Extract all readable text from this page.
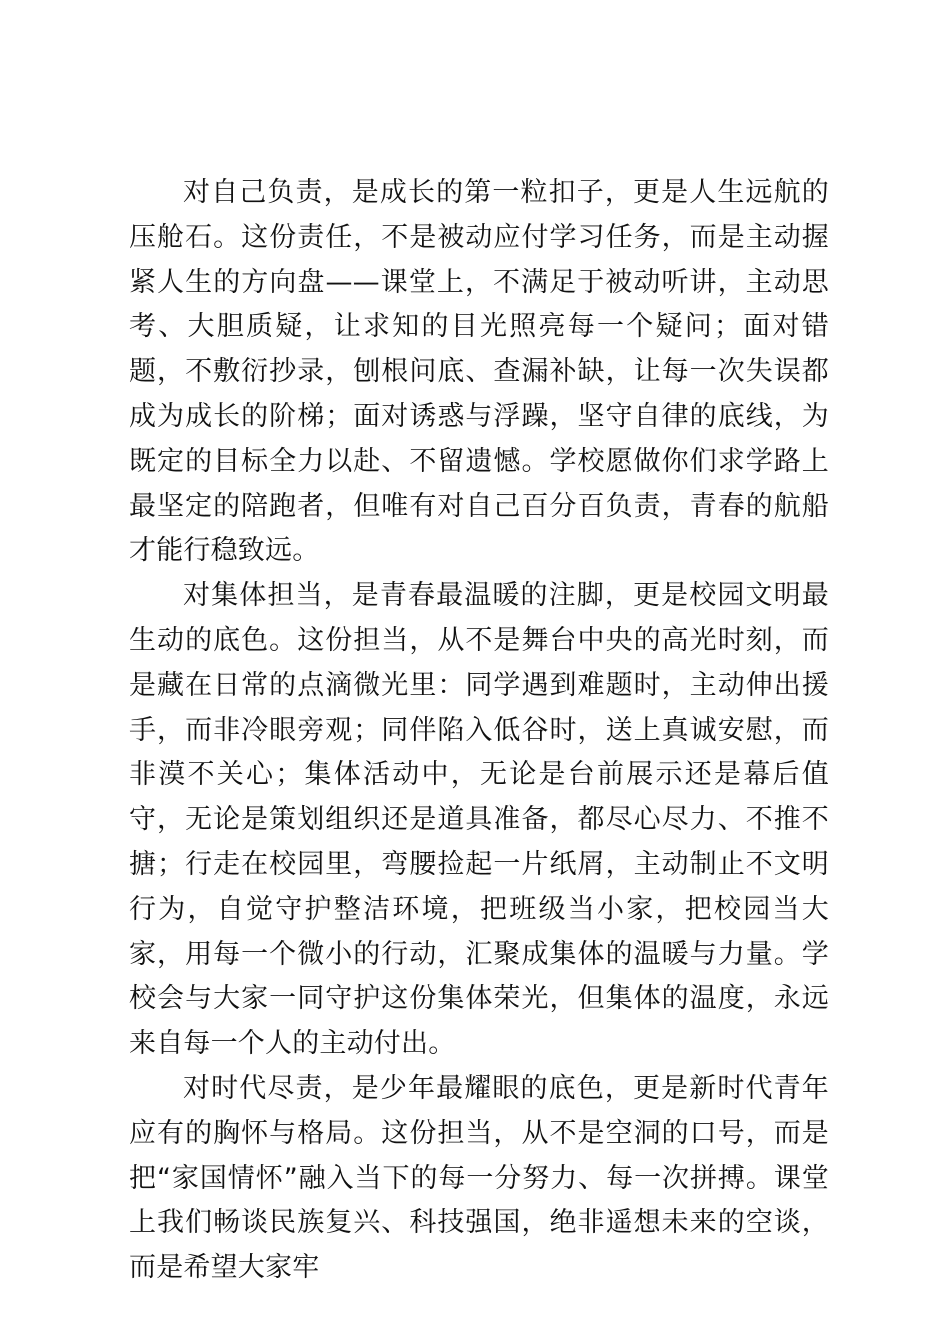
对自己负责，是成长的第一粒扣子，更是人生远航的压舱石。这份责任，不是被动应付学习任务，而是主动握紧人生的方向盘——课堂上，不满足于被动听讲，主动思考、大胆质疑，让求知的目光照亮每一个疑问；面对错题，不敷衍抄录，刨根问底、查漏补缺，让每一次失误都成为成长的阶梯；面对诱惑与浮躁，坚守自律的底线，为既定的目标全力以赴、不留遗憾。学校愿做你们求学路上最坚定的陪跑者，但唯有对自己百分百负责，青春的航船才能行稳致远。

对集体担当，是青春最温暖的注脚，更是校园文明最生动的底色。这份担当，从不是舞台中央的高光时刻，而是藏在日常的点滴微光里：同学遇到难题时，主动伸出援手，而非冷眼旁观；同伴陷入低谷时，送上真诚安慰，而非漠不关心；集体活动中，无论是台前展示还是幕后值守，无论是策划组织还是道具准备，都尽心尽力、不推不搪；行走在校园里，弯腰捡起一片纸屑，主动制止不文明行为，自觉守护整洁环境，把班级当小家，把校园当大家，用每一个微小的行动，汇聚成集体的温暖与力量。学校会与大家一同守护这份集体荣光，但集体的温度，永远来自每一个人的主动付出。

对时代尽责，是少年最耀眼的底色，更是新时代青年应有的胸怀与格局。这份担当，从不是空洞的口号，而是把“家国情怀”融入当下的每一分努力、每一次拼搏。课堂上我们畅谈民族复兴、科技强国，绝非遥想未来的空谈，而是希望大家牢
